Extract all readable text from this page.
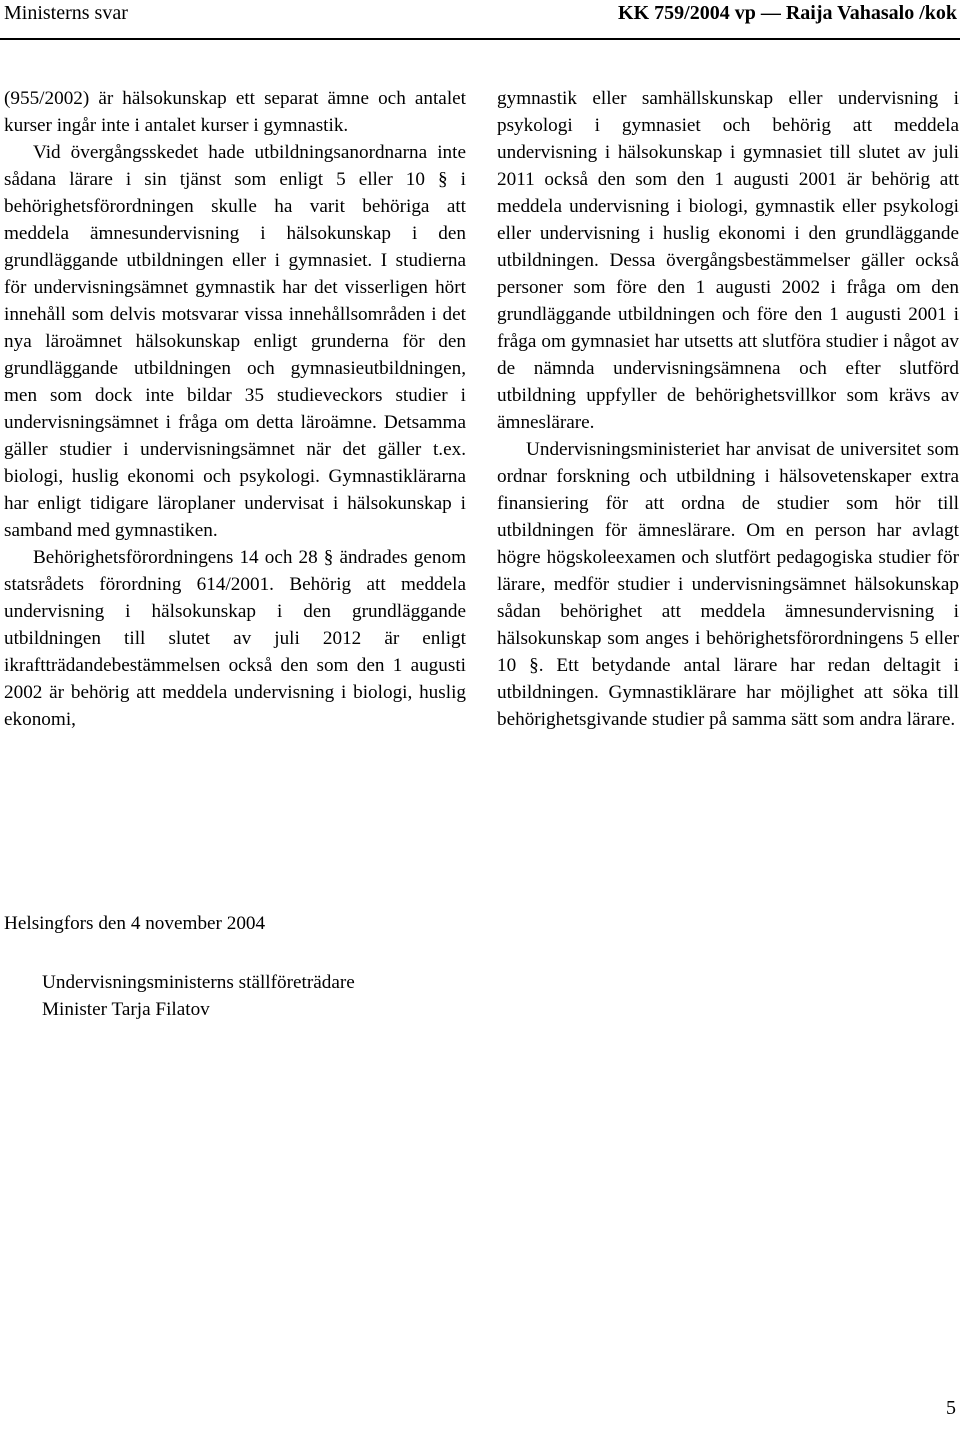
Ministerns svar	KK 759/2004 vp — Raija Vahasalo /kok

(955/2002) är hälsokunskap ett separat ämne och antalet kurser ingår inte i antalet kurser i gymnastik.

Vid övergångsskedet hade utbildningsanordnarna inte sådana lärare i sin tjänst som enligt 5 eller 10 § i behörighetsförordningen skulle ha varit behöriga att meddela ämnesundervisning i hälsokunskap i den grundläggande utbildningen eller i gymnasiet. I studierna för undervisningsämnet gymnastik har det visserligen hört innehåll som delvis motsvarar vissa innehållsområden i det nya läroämnet hälsokunskap enligt grunderna för den grundläggande utbildningen och gymnasieutbildningen, men som dock inte bildar 35 studieveckors studier i undervisningsämnet i fråga om detta läroämne. Detsamma gäller studier i undervisningsämnet när det gäller t.ex. biologi, huslig ekonomi och psykologi. Gymnastiklärarna har enligt tidigare läroplaner undervisat i hälsokunskap i samband med gymnastiken.

Behörighetsförordningens 14 och 28 § ändrades genom statsrådets förordning 614/2001. Behörig att meddela undervisning i hälsokunskap i den grundläggande utbildningen till slutet av juli 2012 är enligt ikraftträdandebestämmelsen också den som den 1 augusti 2002 är behörig att meddela undervisning i biologi, huslig ekonomi,

gymnastik eller samhällskunskap eller undervisning i psykologi i gymnasiet och behörig att meddela undervisning i hälsokunskap i gymnasiet till slutet av juli 2011 också den som den 1 augusti 2001 är behörig att meddela undervisning i biologi, gymnastik eller psykologi eller undervisning i huslig ekonomi i den grundläggande utbildningen. Dessa övergångsbestämmelser gäller också personer som före den 1 augusti 2002 i fråga om den grundläggande utbildningen och före den 1 augusti 2001 i fråga om gymnasiet har utsetts att slutföra studier i något av de nämnda undervisningsämnena och efter slutförd utbildning uppfyller de behörighetsvillkor som krävs av ämneslärare.

Undervisningsministeriet har anvisat de universitet som ordnar forskning och utbildning i hälsovetenskaper extra finansiering för att ordna de studier som hör till utbildningen för ämneslärare. Om en person har avlagt högre högskoleexamen och slutfört pedagogiska studier för lärare, medför studier i undervisningsämnet hälsokunskap sådan behörighet att meddela ämnesundervisning i hälsokunskap som anges i behörighetsförordningens 5 eller 10 §. Ett betydande antal lärare har redan deltagit i utbildningen. Gymnastiklärare har möjlighet att söka till behörighetsgivande studier på samma sätt som andra lärare.

Helsingfors den 4 november 2004

Undervisningsministerns ställföreträdare
Minister Tarja Filatov
5
